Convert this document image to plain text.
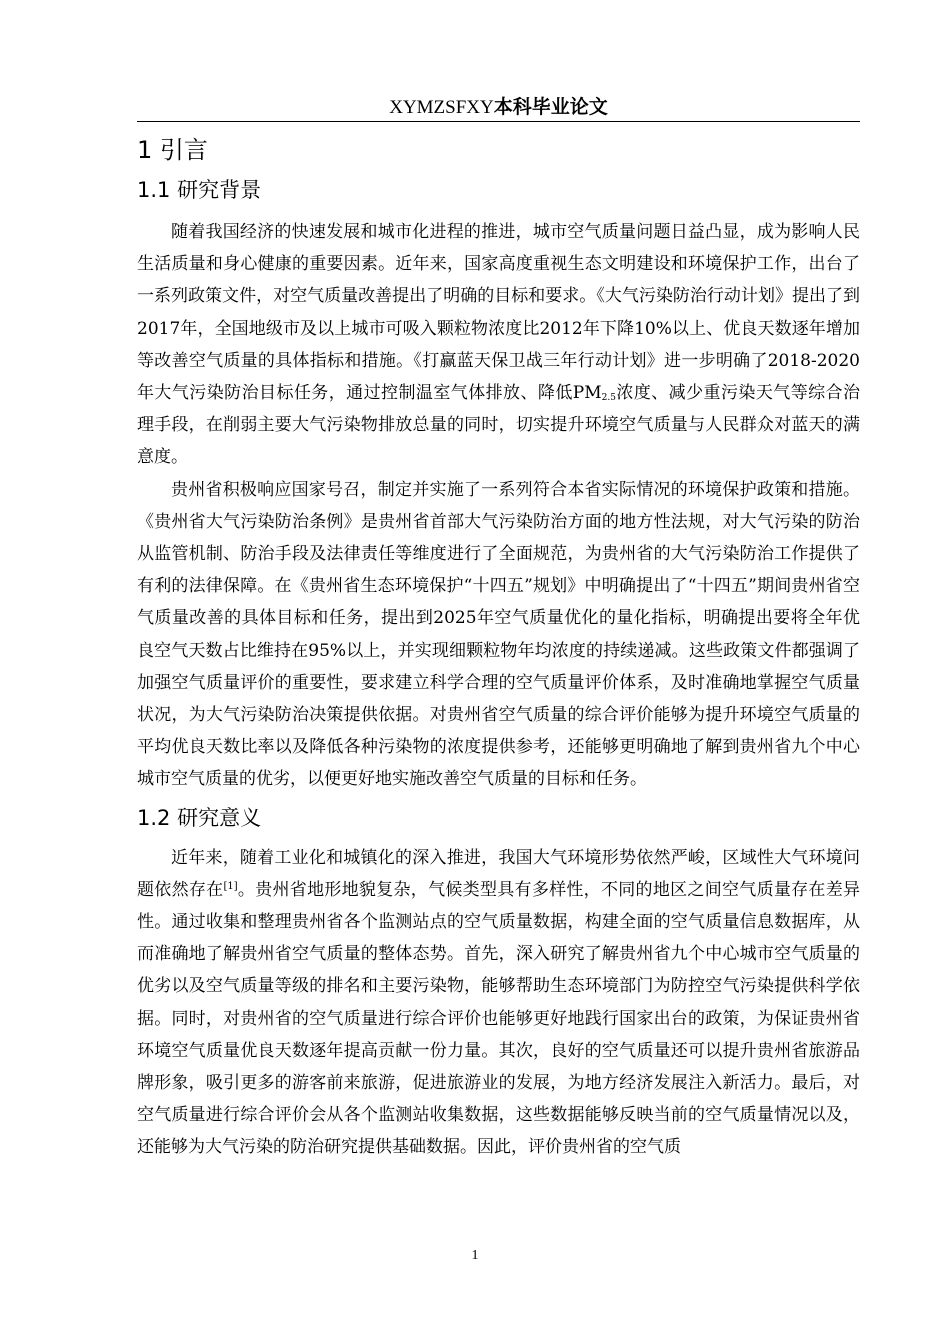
XYMZSFXY本科毕业论文
1 引言
1.1 研究背景

随着我国经济的快速发展和城市化进程的推进，城市空气质量问题日益凸显，成为影响人民生活质量和身心健康的重要因素。近年来，国家高度重视生态文明建设和环境保护工作，出台了一系列政策文件，对空气质量改善提出了明确的目标和要求。《大气污染防治行动计划》提出了到2017年，全国地级市及以上城市可吸入颗粒物浓度比2012年下降10%以上、优良天数逐年增加等改善空气质量的具体指标和措施。《打赢蓝天保卫战三年行动计划》进一步明确了2018-2020年大气污染防治目标任务，通过控制温室气体排放、降低$PM_{2.5}$浓度、减少重污染天气等综合治理手段，在削弱主要大气污染物排放总量的同时，切实提升环境空气质量与人民群众对蓝天的满意度。

贵州省积极响应国家号召，制定并实施了一系列符合本省实际情况的环境保护政策和措施。《贵州省大气污染防治条例》是贵州省首部大气污染防治方面的地方性法规，对大气污染的防治从监管机制、防治手段及法律责任等维度进行了全面规范，为贵州省的大气污染防治工作提供了有利的法律保障。在《贵州省生态环境保护“十四五”规划》中明确提出了“十四五”期间贵州省空气质量改善的具体目标和任务，提出到2025年空气质量优化的量化指标，明确提出要将全年优良空气天数占比维持在95%以上，并实现细颗粒物年均浓度的持续递减。这些政策文件都强调了加强空气质量评价的重要性，要求建立科学合理的空气质量评价体系，及时准确地掌握空气质量状况，为大气污染防治决策提供依据。对贵州省空气质量的综合评价能够为提升环境空气质量的平均优良天数比率以及降低各种污染物的浓度提供参考，还能够更明确地了解到贵州省九个中心城市空气质量的优劣，以便更好地实施改善空气质量的目标和任务。

1.2 研究意义

近年来，随着工业化和城镇化的深入推进，我国大气环境形势依然严峻，区域性大气环境问题依然存在[1]。贵州省地形地貌复杂，气候类型具有多样性，不同的地区之间空气质量存在差异性。通过收集和整理贵州省各个监测站点的空气质量数据，构建全面的空气质量信息数据库，从而准确地了解贵州省空气质量的整体态势。首先，深入研究了解贵州省九个中心城市空气质量的优劣以及空气质量等级的排名和主要污染物，能够帮助生态环境部门为防控空气污染提供科学依据。同时，对贵州省的空气质量进行综合评价也能够更好地践行国家出台的政策，为保证贵州省环境空气质量优良天数逐年提高贡献一份力量。其次，良好的空气质量还可以提升贵州省旅游品牌形象，吸引更多的游客前来旅游，促进旅游业的发展，为地方经济发展注入新活力。最后，对空气质量进行综合评价会从各个监测站收集数据，这些数据能够反映当前的空气质量情况以及，还能够为大气污染的防治研究提供基础数据。因此，评价贵州省的空气质

1
